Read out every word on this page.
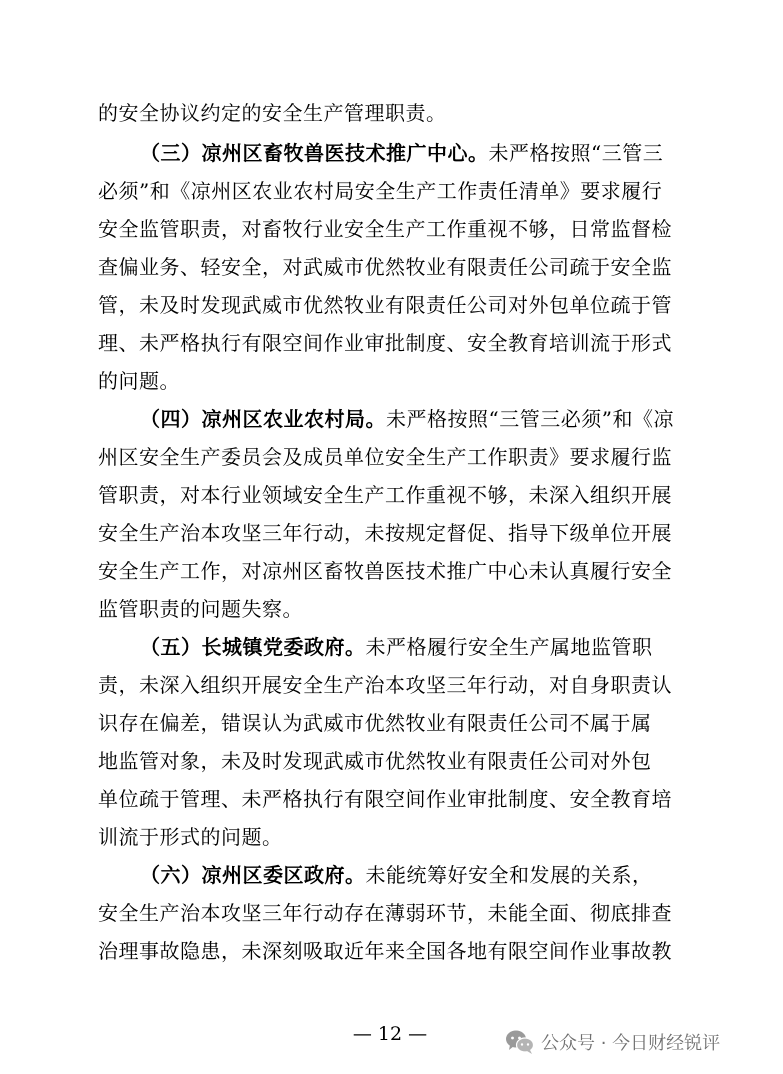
的安全协议约定的安全生产管理职责。
（三）凉州区畜牧兽医技术推广中心。未严格按照“三管三
必须”和《凉州区农业农村局安全生产工作责任清单》要求履行
安全监管职责，对畜牧行业安全生产工作重视不够，日常监督检
查偏业务、轻安全，对武威市优然牧业有限责任公司疏于安全监
管，未及时发现武威市优然牧业有限责任公司对外包单位疏于管
理、未严格执行有限空间作业审批制度、安全教育培训流于形式
的问题。
（四）凉州区农业农村局。未严格按照“三管三必须”和《凉
州区安全生产委员会及成员单位安全生产工作职责》要求履行监
管职责，对本行业领域安全生产工作重视不够，未深入组织开展
安全生产治本攻坚三年行动，未按规定督促、指导下级单位开展
安全生产工作，对凉州区畜牧兽医技术推广中心未认真履行安全
监管职责的问题失察。
（五）长城镇党委政府。未严格履行安全生产属地监管职
责，未深入组织开展安全生产治本攻坚三年行动，对自身职责认
识存在偏差，错误认为武威市优然牧业有限责任公司不属于属
地监管对象，未及时发现武威市优然牧业有限责任公司对外包
单位疏于管理、未严格执行有限空间作业审批制度、安全教育培
训流于形式的问题。
（六）凉州区委区政府。未能统筹好安全和发展的关系，
安全生产治本攻坚三年行动存在薄弱环节，未能全面、彻底排查
治理事故隐患，未深刻吸取近年来全国各地有限空间作业事故教
— 12 —	公众号 · 今日财经锐评
